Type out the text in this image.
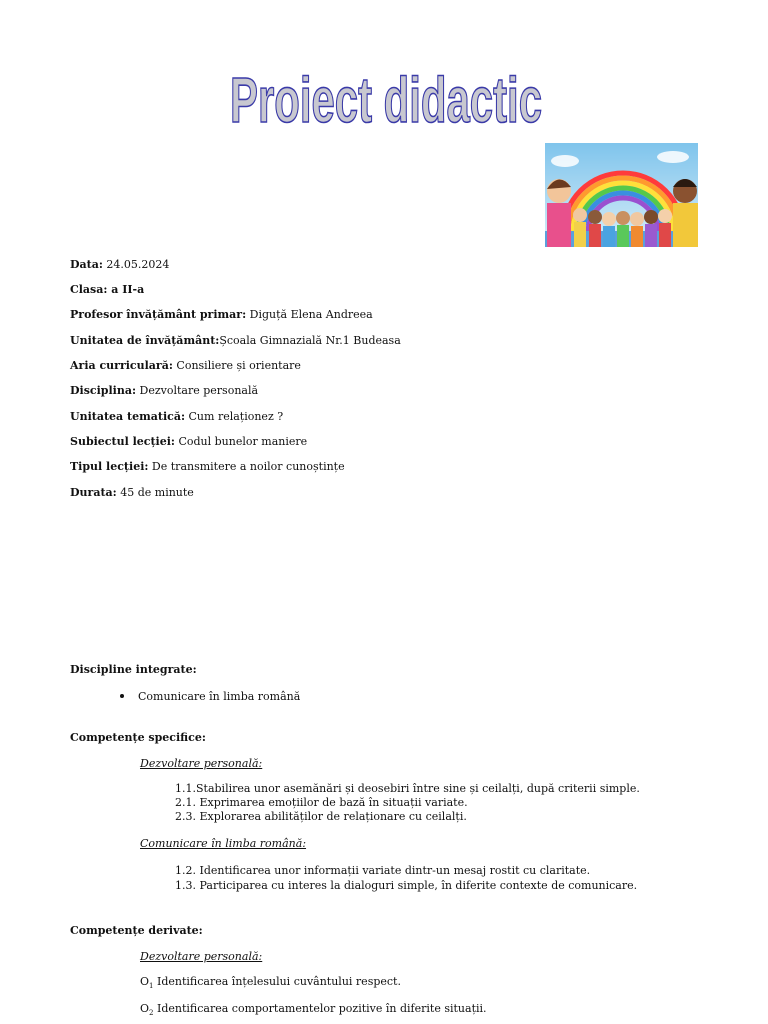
Proiect didactic
Data: 24.05.2024
Clasa: a II-a
Profesor învățământ primar: Diguță Elena Andreea
Unitatea de învățământ:Școala Gimnazială Nr.1 Budeasa
Aria curriculară: Consiliere și orientare
Disciplina: Dezvoltare personală
Unitatea tematică: Cum relaționez ?
Subiectul lecției: Codul bunelor maniere
Tipul lecției: De transmitere a noilor cunoștințe
Durata: 45 de minute
Discipline integrate:
Comunicare în limba română
Competențe specifice:
Dezvoltare personală:
1.1.Stabilirea unor asemănări și deosebiri între sine și ceilalți, după criterii simple.
2.1. Exprimarea emoțiilor de bază în situații variate.
2.3. Explorarea abilităților de relaționare cu ceilalți.
Comunicare în limba română:
1.2. Identificarea unor informații variate dintr-un mesaj rostit cu claritate.
1.3. Participarea cu interes la dialoguri simple, în diferite contexte de comunicare.
Competențe derivate:
Dezvoltare personală:
$O_1$ Identificarea înțelesului cuvântului respect.
$O_2$ Identificarea comportamentelor pozitive în diferite situații.
